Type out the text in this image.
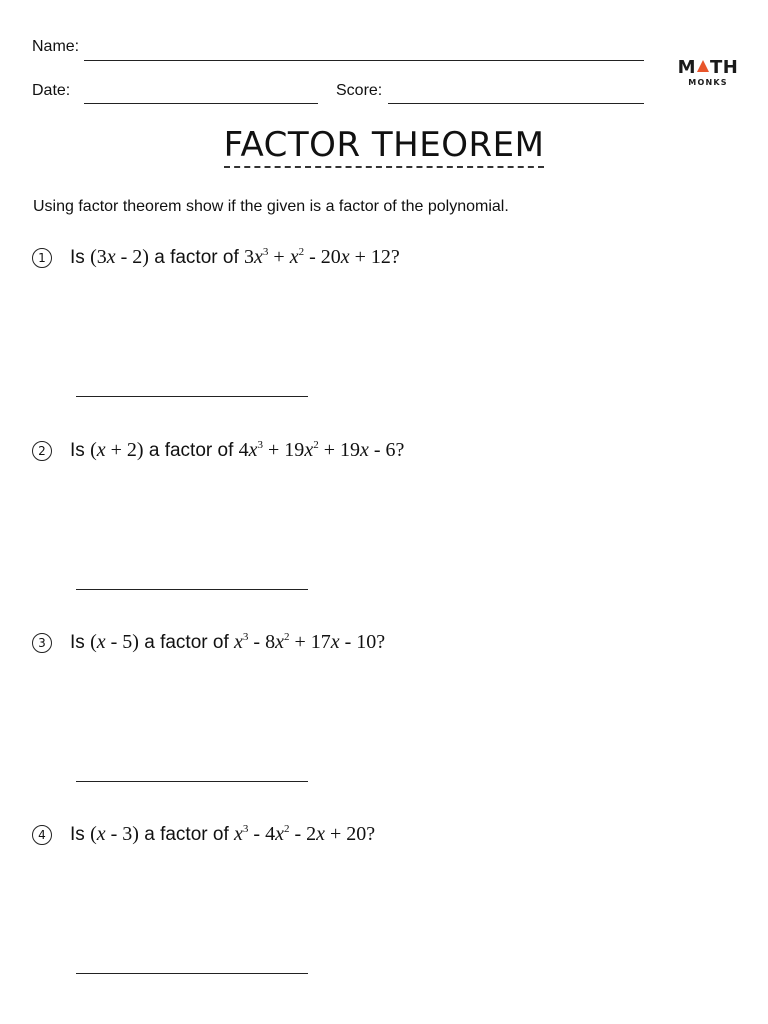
Name:
Date:	Score:
M TH
MONKS
FACTOR THEOREM
Using factor theorem show if the given is a factor of the polynomial.
1 Is (3x - 2) a factor of $3x^3 + x^2 - 20x + 12$?
2 Is (x + 2) a factor of $4x^3 + 19x^2 + 19x - 6$?
3 Is (x - 5) a factor of $x^3 - 8x^2 + 17x - 10$?
4 Is (x - 3) a factor of $x^3 - 4x^2 - 2x + 20$?
